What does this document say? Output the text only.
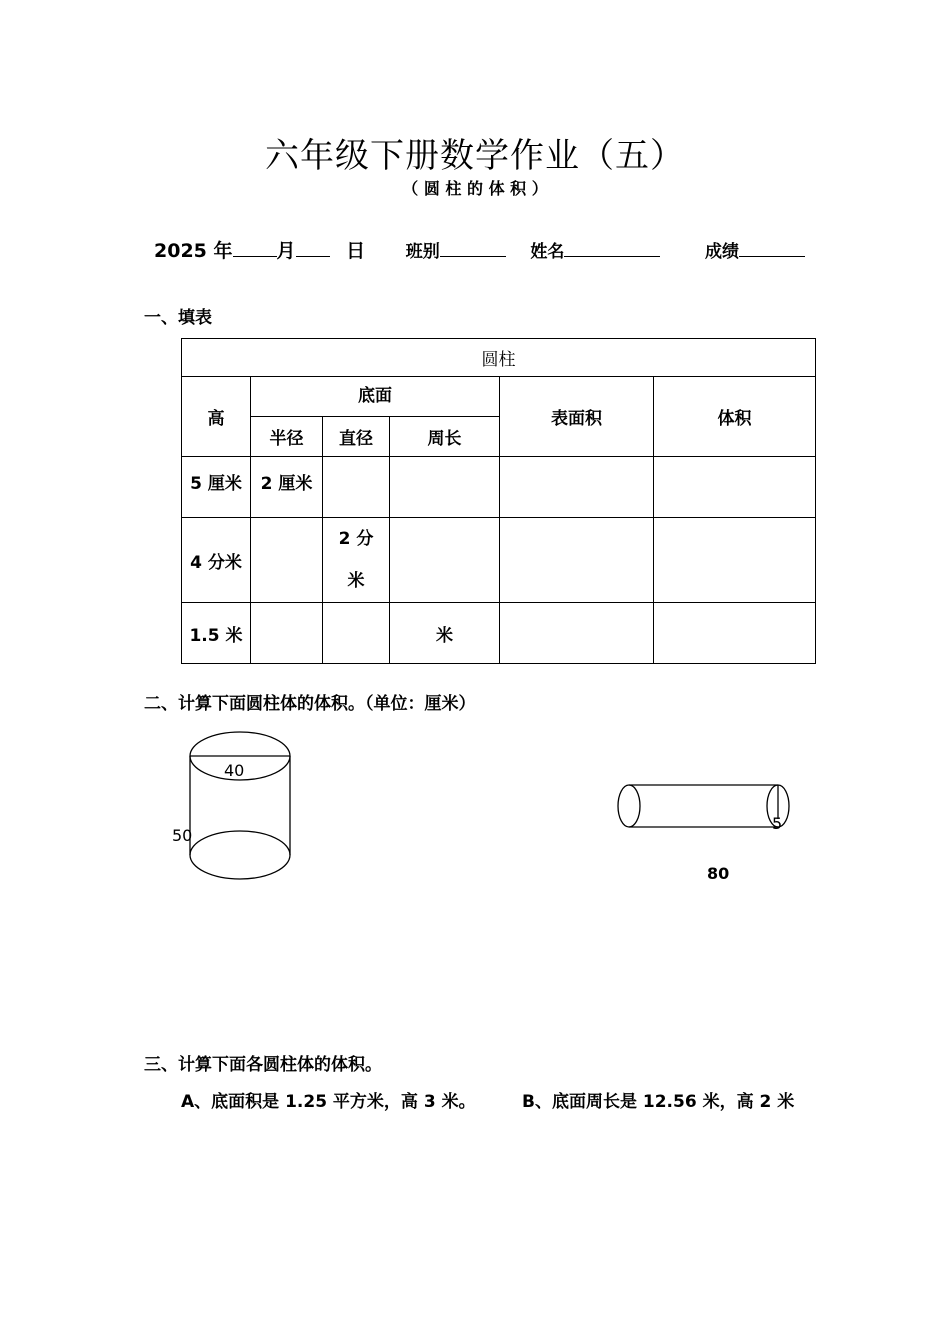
六年级下册数学作业（五）
（ 圆 柱 的 体 积 ）
2025 年 月	日 班别	姓名	成绩
一、填表
圆柱					
高	底面			表面积	体积
	半径	直径	周长		
5 厘米	2 厘米				
4 分米		2 分
米			

1.5 米			米		
二、计算下面圆柱体的体积。（单位：厘米）
40
50
5
80
三、计算下面各圆柱体的体积。
A、底面积是 1.25 平方米，高 3 米。	B、底面周长是 12.56 米，高 2 米
